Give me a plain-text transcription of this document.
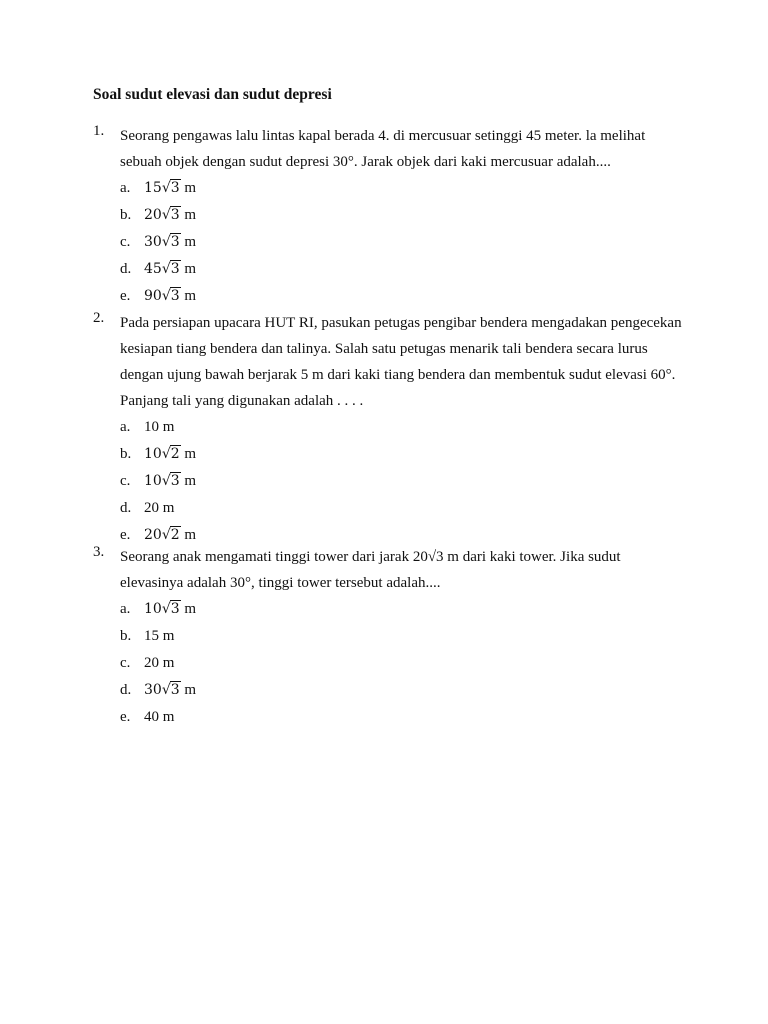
Soal sudut elevasi dan sudut depresi
1. Seorang pengawas lalu lintas kapal berada 4. di mercusuar setinggi 45 meter. la melihat sebuah objek dengan sudut depresi 30°. Jarak objek dari kaki mercusuar adalah....
a. 15√3 m
b. 20√3 m
c. 30√3 m
d. 45√3 m
e. 90√3 m
2. Pada persiapan upacara HUT RI, pasukan petugas pengibar bendera mengadakan pengecekan kesiapan tiang bendera dan talinya. Salah satu petugas menarik tali bendera secara lurus dengan ujung bawah berjarak 5 m dari kaki tiang bendera dan membentuk sudut elevasi 60°. Panjang tali yang digunakan adalah . . . .
a. 10 m
b. 10√2 m
c. 10√3 m
d. 20 m
e. 20√2 m
3. Seorang anak mengamati tinggi tower dari jarak 20√3 m dari kaki tower. Jika sudut elevasinya adalah 30°, tinggi tower tersebut adalah....
a. 10√3 m
b. 15 m
c. 20 m
d. 30√3 m
e. 40 m
